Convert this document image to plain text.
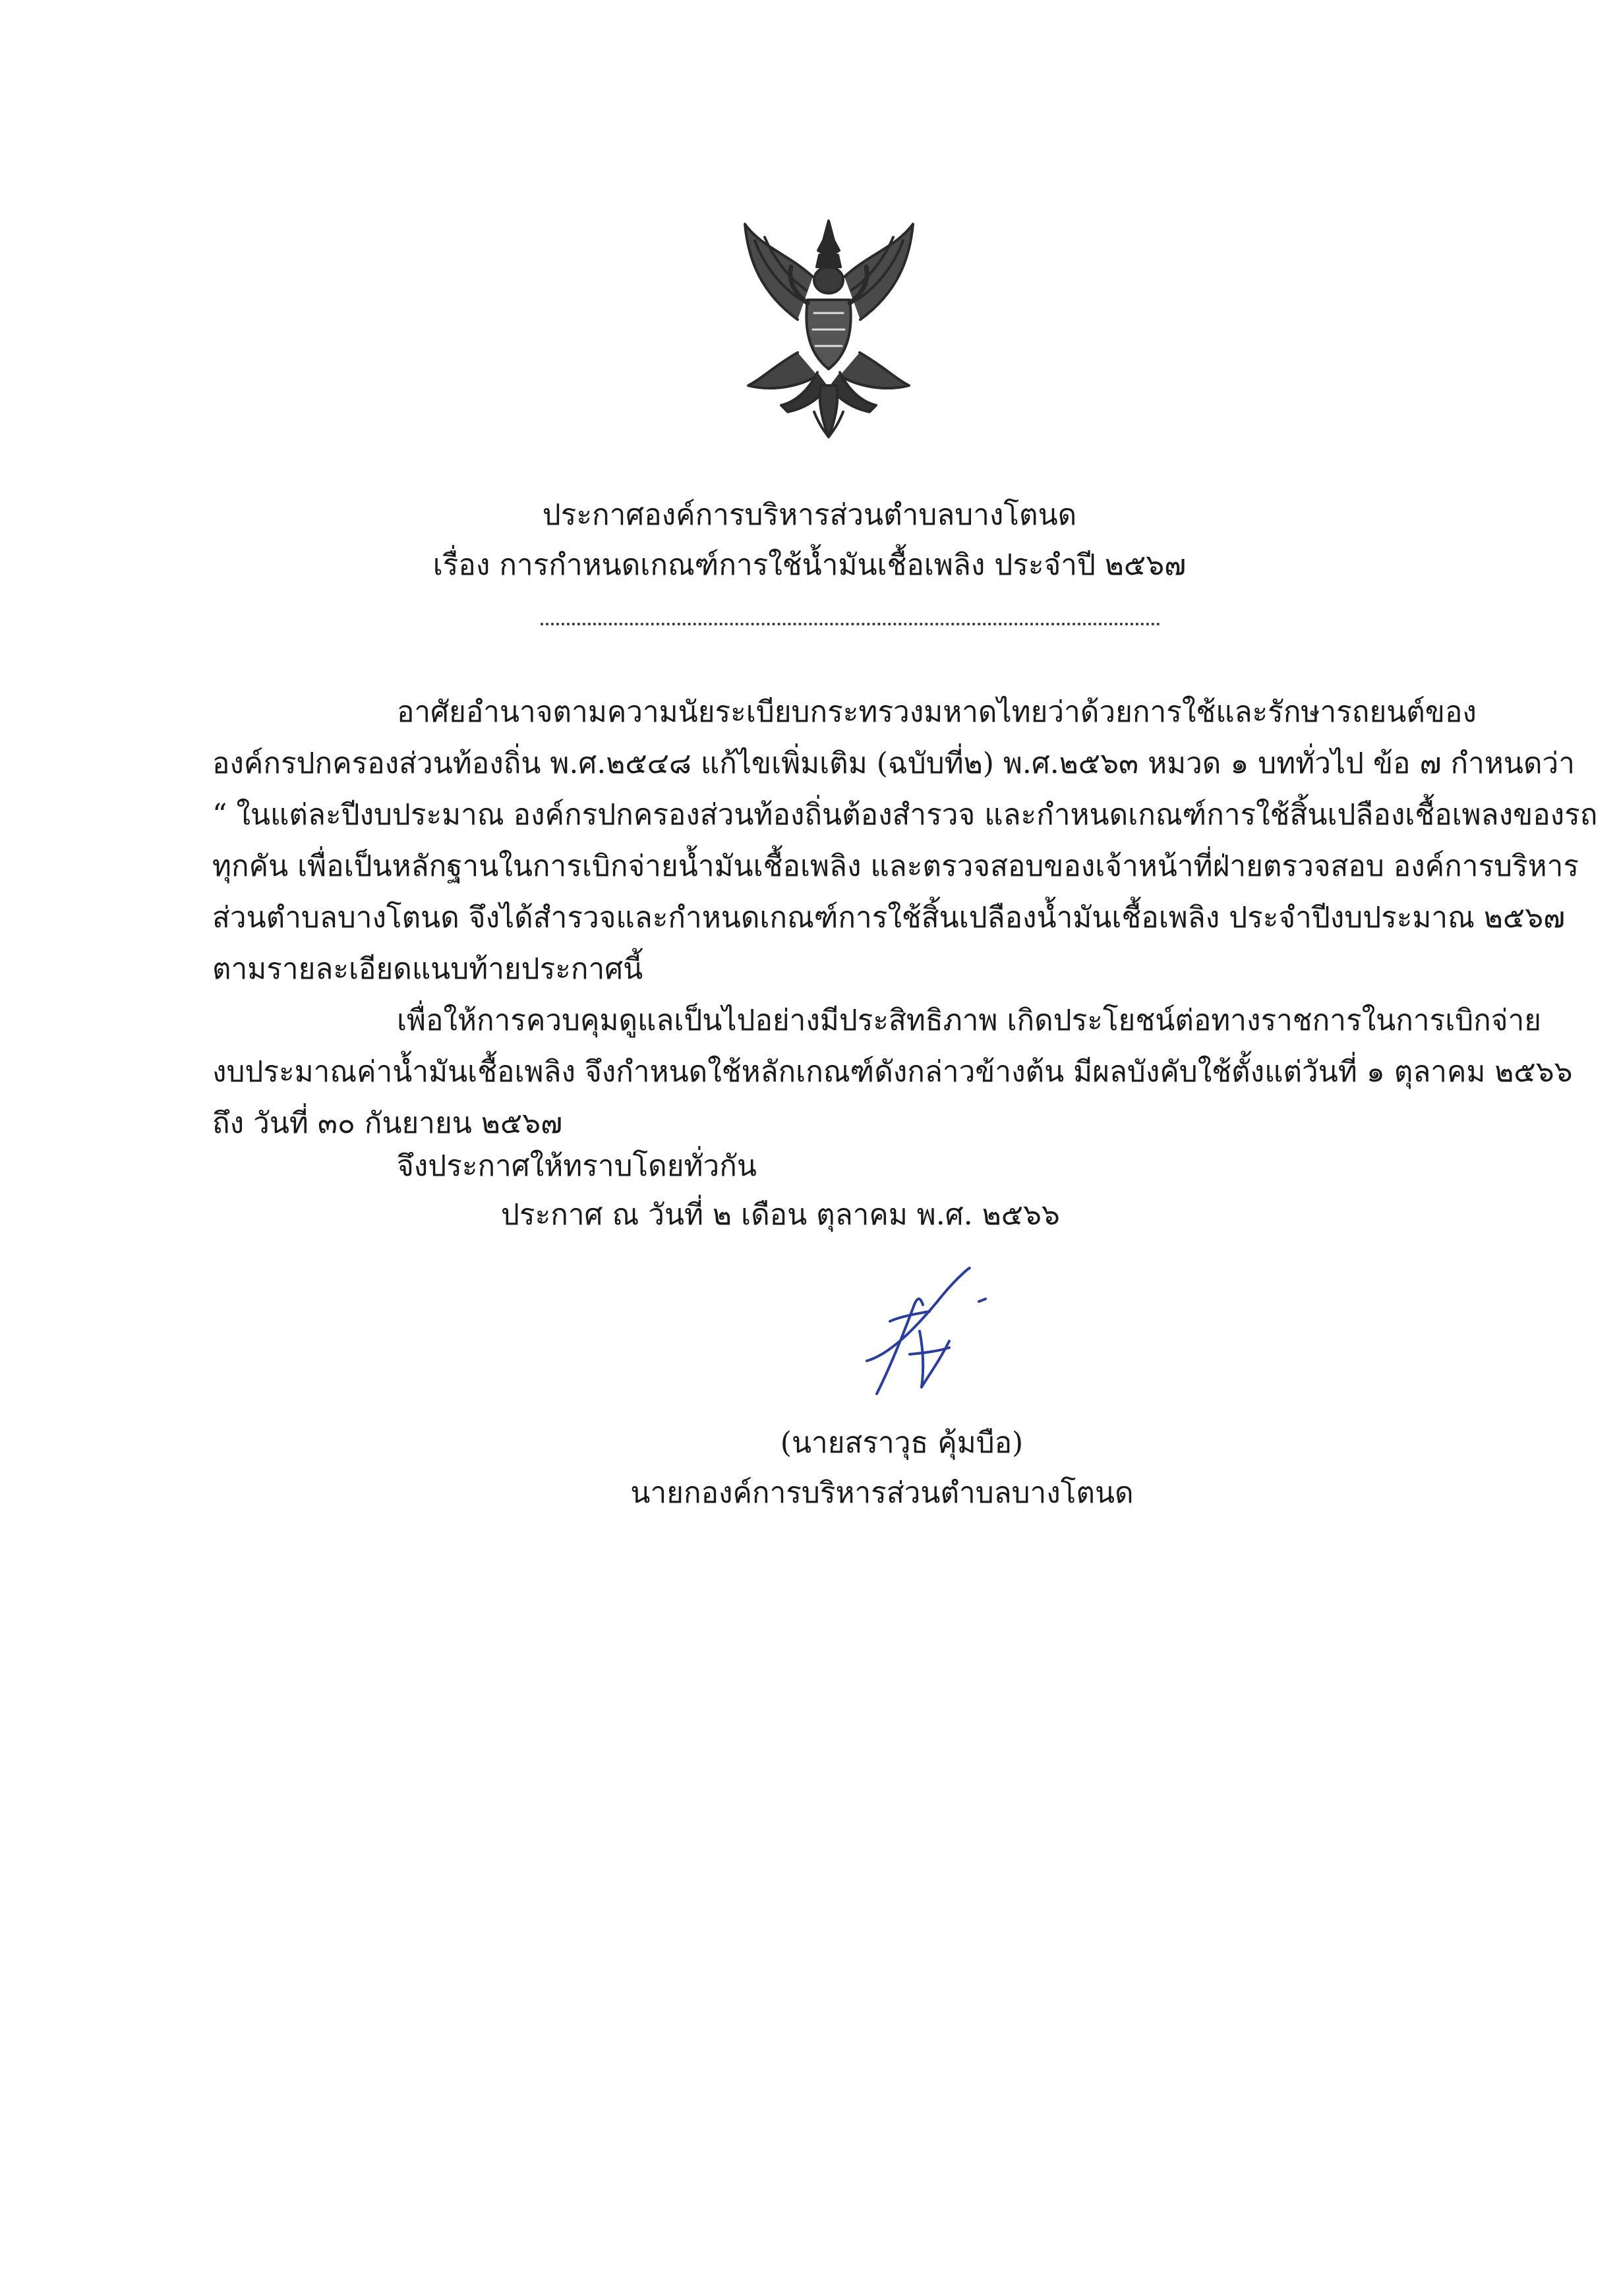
ประกาศองค์การบริหารส่วนตำบลบางโตนด
เรื่อง การกำหนดเกณฑ์การใช้น้ำมันเชื้อเพลิง ประจำปี ๒๕๖๗
อาศัยอำนาจตามความนัยระเบียบกระทรวงมหาดไทยว่าด้วยการใช้และรักษารถยนต์ของ
องค์กรปกครองส่วนท้องถิ่น พ.ศ.๒๕๔๘ แก้ไขเพิ่มเติม (ฉบับที่๒) พ.ศ.๒๕๖๓ หมวด ๑ บททั่วไป ข้อ ๗ กำหนดว่า
“ ในแต่ละปีงบประมาณ องค์กรปกครองส่วนท้องถิ่นต้องสำรวจ และกำหนดเกณฑ์การใช้สิ้นเปลืองเชื้อเพลงของรถ
ทุกคัน เพื่อเป็นหลักฐานในการเบิกจ่ายน้ำมันเชื้อเพลิง และตรวจสอบของเจ้าหน้าที่ฝ่ายตรวจสอบ องค์การบริหาร
ส่วนตำบลบางโตนด จึงได้สำรวจและกำหนดเกณฑ์การใช้สิ้นเปลืองน้ำมันเชื้อเพลิง ประจำปีงบประมาณ ๒๕๖๗
ตามรายละเอียดแนบท้ายประกาศนี้
เพื่อให้การควบคุมดูแลเป็นไปอย่างมีประสิทธิภาพ เกิดประโยชน์ต่อทางราชการในการเบิกจ่าย
งบประมาณค่าน้ำมันเชื้อเพลิง จึงกำหนดใช้หลักเกณฑ์ดังกล่าวข้างต้น มีผลบังคับใช้ตั้งแต่วันที่ ๑ ตุลาคม ๒๕๖๖
ถึง วันที่ ๓๐ กันยายน ๒๕๖๗
จึงประกาศให้ทราบโดยทั่วกัน
ประกาศ ณ วันที่ ๒ เดือน ตุลาคม พ.ศ. ๒๕๖๖
(นายสราวุธ คุ้มบือ)
นายกองค์การบริหารส่วนตำบลบางโตนด
